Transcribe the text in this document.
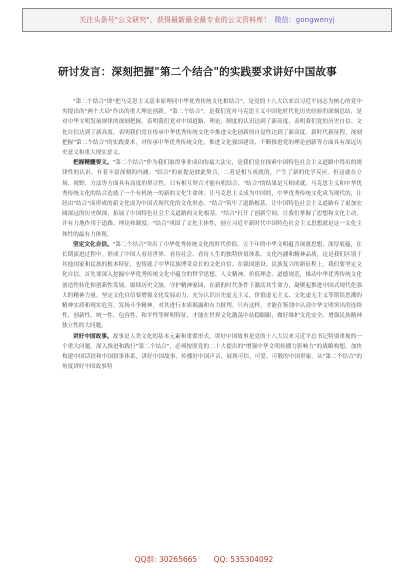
关注头条号"公文研究"，获得最新最全最专业的公文资料库！ 微信：gongwenyj
研讨发言：深刻把握"第二个结合"的实践要求讲好中国故事

"第二个结合"即"把马克思主义基本原理同中华优秀传统文化相结合"，是党的十八大以来以习近平同志为核心的党中央提出的"两个大局"作出的重大理论创新。"第二个结合"，是我们党对马克思主义中国化时代化历史经验的深刻总结，是对中华文明发展规律的深刻把握，表明我们党对中国道路、理论、制度的认识达到了新高度，表明我们党的历史自信、文化自信达到了新高度，表明我们党在传承中华优秀传统文化中推进文化创新的自觉性达到了新高度。新时代新征程，深刻把握"第二个结合"的实践要求，对传承中华优秀传统文化、推进文化强国建设、不断推进党的理论创新等方面具有深远历史意义和重大现实意义。

把握精髓要义。"第二个结合"作为我们取得事业成功的最大法宝，是我们党在探索中国特色社会主义道路中得出的规律性的认识，有着丰富深刻的内涵。"结合"的前提是彼此契合，二者是相互成就的，产生了新的化学反应。但这就在立场、视野、方法等方面具有高度的契合性，只有相互契合才能有机结合。"结合"的结果是互相成就。马克思主义和中华优秀传统文化的结合造就了一个有机统一的新的文化生命体，让马克思主义成为中国的，中华优秀传统文化成为现代的，让经由"结合"而形成的新文化成为中国式现代化的文化形态。"结合"筑牢了道路根基，让中国特色社会主义道路有了更加宏阔深远的历史纵深，拓展了中国特色社会主义道路的文化根基。"结合"打开了创新空间，让我们掌握了思想和文化主动，并有力地作用于道路、理论和制度。"结合"巩固了文化主体性，创立习近平新时代中国特色社会主义思想就是这一文化主体性的最有力体现。

坚定文化自信。"第二个结合"突出了中华优秀传统文化的时代价值。五千年的中华文明蕴含深邃思想、深厚底蕴，在长期演进过程中，形成了中国人看待世界、看待社会、看待人生的独特价值体系、文化内涵和精神品质，这是我们区别于其他国家和民族的根本特征，也铸就了中华民族博采众长的文化自信。在强国建设、民族复兴的新征程上，我们要坚定文化自信，首先要深入挖掘中华优秀传统文化中蕴含的哲学思想、人文精神、价值理念、道德规范，推动中华优秀传统文化创造性转化和创新性发展，赓续历史文脉，守护精神家园，在新的时代条件下激活其生命力，凝聚起推进中国式现代化强大的精神力量。坚定文化自信要增强文化发展动力，充分认识历史虚无主义、价值虚无主义、文化虚无主义等错误思潮的精神实质和现实危害，发扬斗争精神，对其进行本质揭露和有力批判。只有这样，才能在鉴别中认清中华文明突出的连续性、创新性、统一性、包容性、和平性等鲜明特征，才能在世界文化激荡中站稳脚跟，做好维护文化安全、增强民族精神独立性的大问题。

讲好中国故事。故事是人类文化的基本元素和重要形式，讲好中国故事是党的十八大以来习近平总书记特别重视的一个重大问题。深入推进和践行"第二个结合"，必须按照党的二十大提出的"增强中华文明传播力影响力"的战略构想，加快构建中国话语和中国叙事体系，讲好中国故事、传播好中国声音，展现可信、可爱、可敬的中国形象。从"第二个结合"的角度讲好中国故事特

QQ群: 30265665 QQ: 535304092
